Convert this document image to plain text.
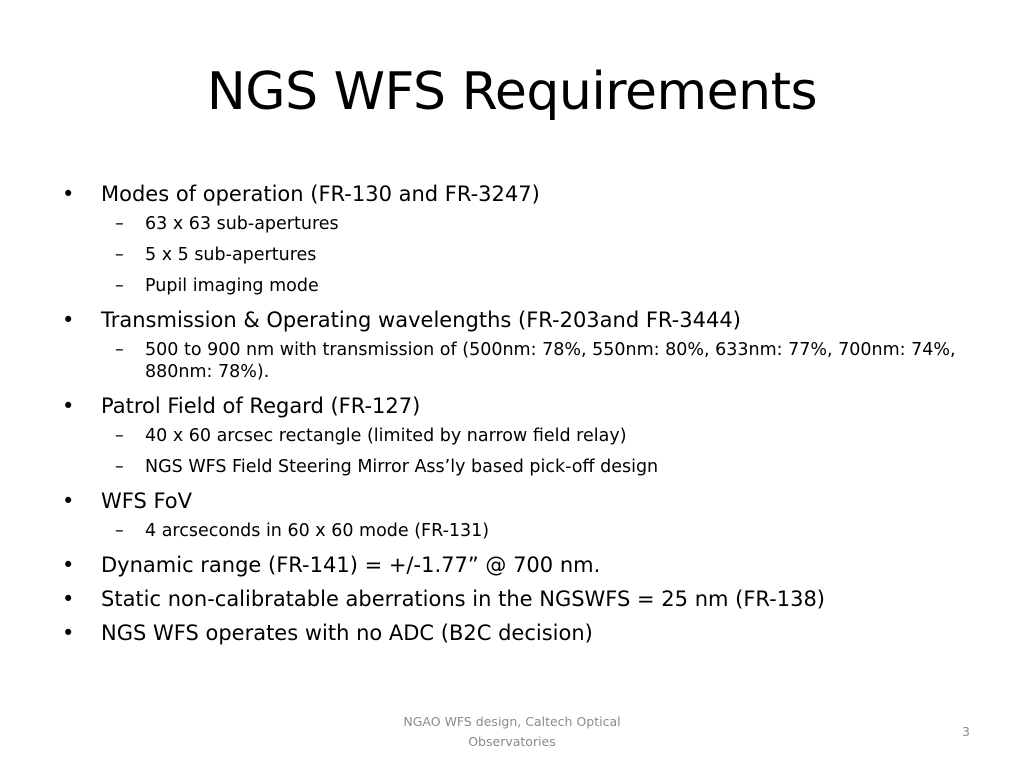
NGS WFS Requirements
• Modes of operation (FR-130 and FR-3247)
– 63 x 63 sub-apertures
– 5 x 5 sub-apertures
– Pupil imaging mode
• Transmission & Operating wavelengths (FR-203and FR-3444)
– 500 to 900 nm with transmission of (500nm: 78%, 550nm: 80%, 633nm: 77%, 700nm: 74%, 880nm: 78%).
• Patrol Field of Regard (FR-127)
– 40 x 60 arcsec rectangle (limited by narrow field relay)
– NGS WFS Field Steering Mirror Ass’ly based pick-off design
• WFS FoV
– 4 arcseconds in 60 x 60 mode (FR-131)
• Dynamic range (FR-141) = +/-1.77” @ 700 nm.
• Static non-calibratable aberrations in the NGSWFS = 25 nm (FR-138)
• NGS WFS operates with no ADC (B2C decision)
NGAO WFS design, Caltech Optical Observatories
3
